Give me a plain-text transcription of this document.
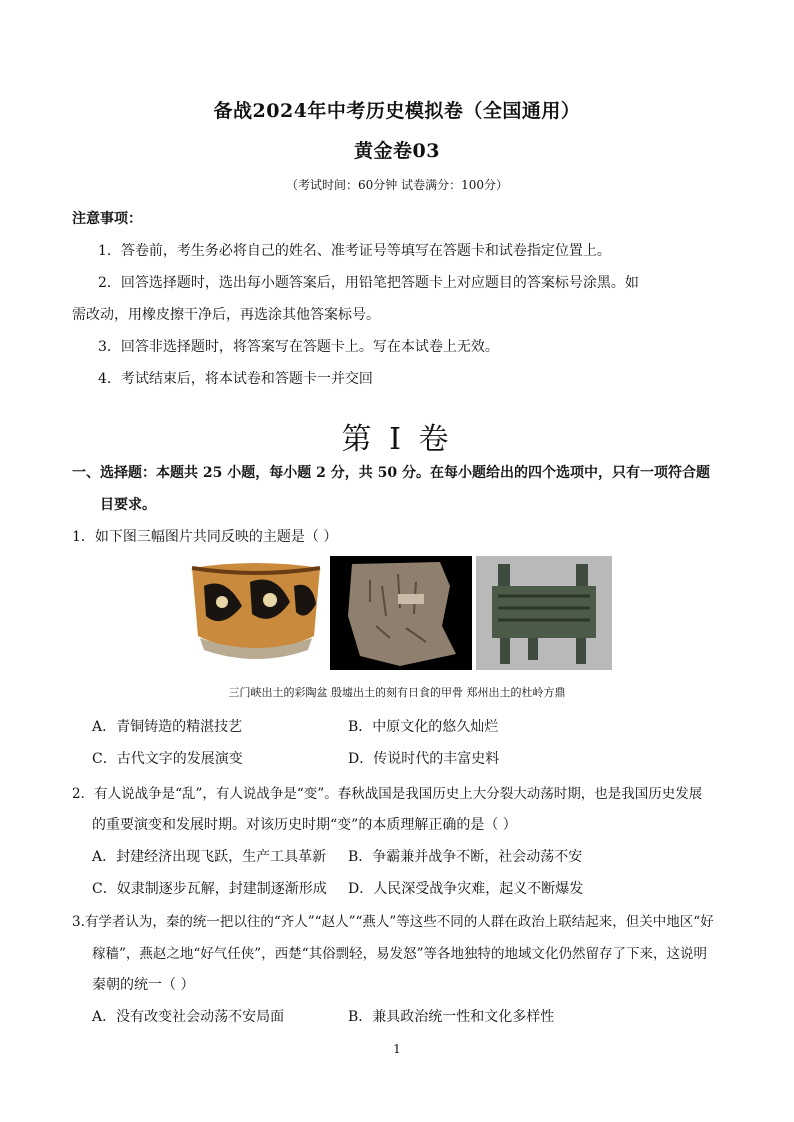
备战2024年中考历史模拟卷（全国通用）
黄金卷03
（考试时间：60分钟 试卷满分：100分）
注意事项：
1．答卷前，考生务必将自己的姓名、准考证号等填写在答题卡和试卷指定位置上。
2．回答选择题时，选出每小题答案后，用铅笔把答题卡上对应题目的答案标号涂黑。如
需改动，用橡皮擦干净后，再选涂其他答案标号。
3．回答非选择题时，将答案写在答题卡上。写在本试卷上无效。
4．考试结束后，将本试卷和答题卡一并交回
第 I 卷
一、选择题：本题共 25 小题，每小题 2 分，共 50 分。在每小题给出的四个选项中，只有一项符合题
目要求。
1．如下图三幅图片共同反映的主题是（ ）
三门峡出土的彩陶盆 殷墟出土的刻有日食的甲骨 郑州出土的杜岭方鼎
A．青铜铸造的精湛技艺	B．中原文化的悠久灿烂
C．古代文字的发展演变	D．传说时代的丰富史料
2．有人说战争是“乱”，有人说战争是“变”。春秋战国是我国历史上大分裂大动荡时期，也是我国历史发展
的重要演变和发展时期。对该历史时期“变”的本质理解正确的是（ ）
A．封建经济出现飞跃，生产工具革新 B．争霸兼并战争不断，社会动荡不安
C．奴隶制逐步瓦解，封建制逐渐形成 D．人民深受战争灾难，起义不断爆发
3.有学者认为，秦的统一把以往的“齐人”“赵人”“燕人”等这些不同的人群在政治上联结起来，但关中地区“好
稼穑”，燕赵之地“好气任侠”，西楚“其俗剽轻，易发怒”等各地独特的地域文化仍然留存了下来，这说明
秦朝的统一（ ）
A．没有改变社会动荡不安局面	B．兼具政治统一性和文化多样性
1
